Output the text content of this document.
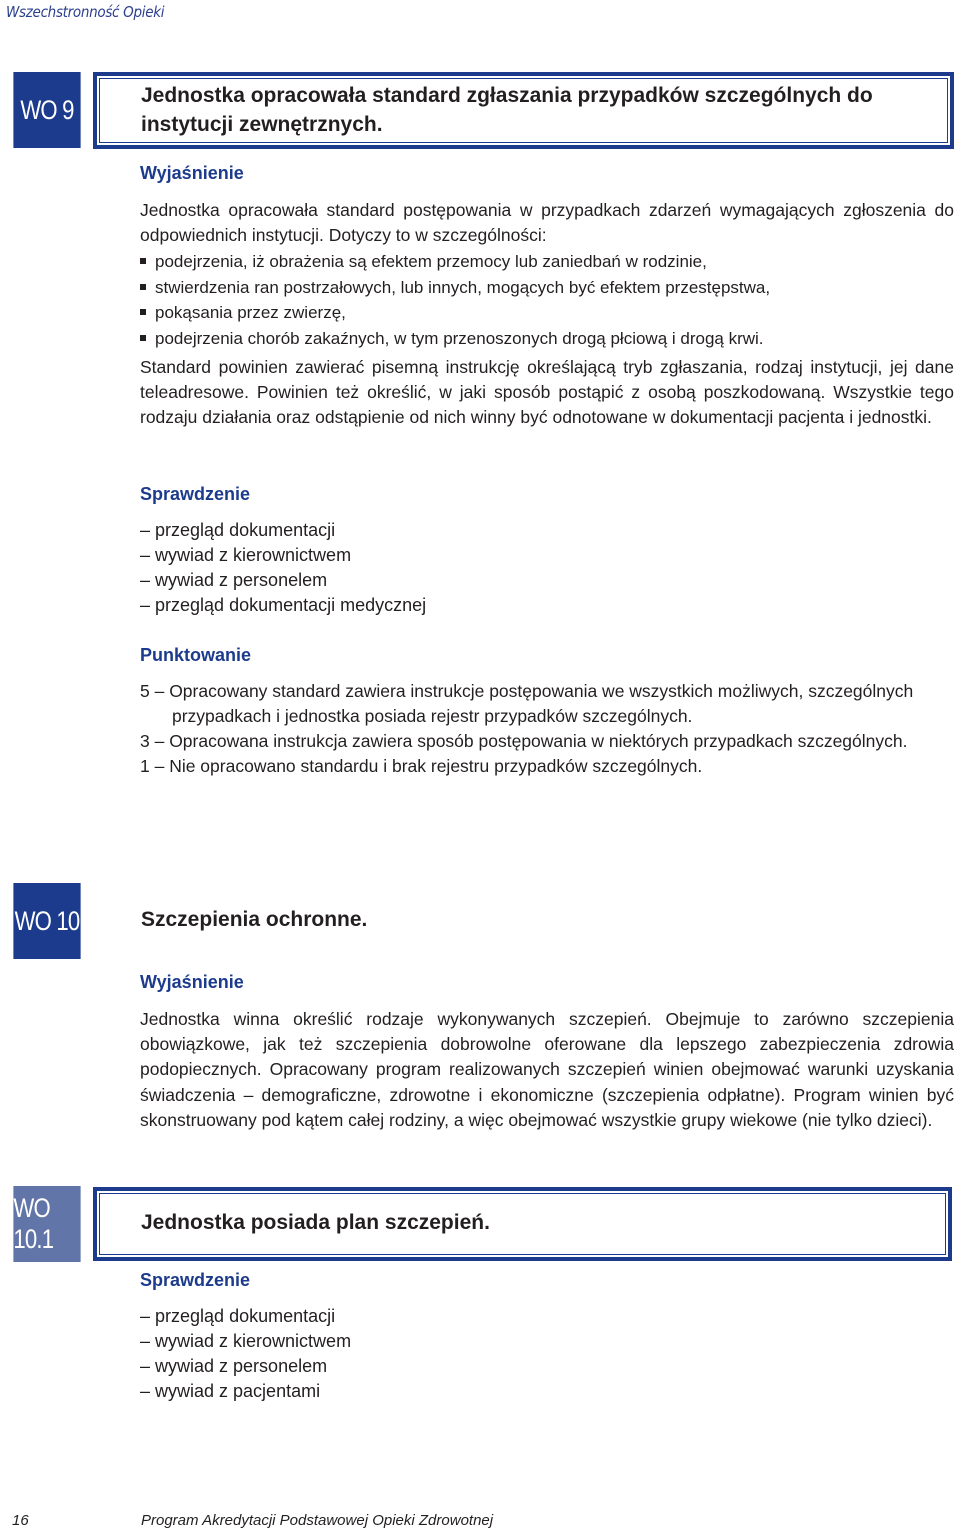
Wszechstronność Opieki
WO 9	Jednostka opracowała standard zgłaszania przypadków szczególnych do instytucji zewnętrznych.
Wyjaśnienie
Jednostka opracowała standard postępowania w przypadkach zdarzeń wymagających zgłoszenia do odpowiednich instytucji. Dotyczy to w szczególności:
podejrzenia, iż obrażenia są efektem przemocy lub zaniedbań w rodzinie,
stwierdzenia ran postrzałowych, lub innych, mogących być efektem przestępstwa,
pokąsania przez zwierzę,
podejrzenia chorób zakaźnych, w tym przenoszonych drogą płciową i drogą krwi.
Standard powinien zawierać pisemną instrukcję określającą tryb zgłaszania, rodzaj instytucji, jej dane teleadresowe. Powinien też określić, w jaki sposób postąpić z osobą poszkodowaną. Wszystkie tego rodzaju działania oraz odstąpienie od nich winny być odnotowane w dokumentacji pacjenta i jednostki.
Sprawdzenie
– przegląd dokumentacji
– wywiad z kierownictwem
– wywiad z personelem
– przegląd dokumentacji medycznej
Punktowanie
5 – Opracowany standard zawiera instrukcje postępowania we wszystkich możliwych, szczególnych przypadkach i jednostka posiada rejestr przypadków szczególnych.
3 – Opracowana instrukcja zawiera sposób postępowania w niektórych przypadkach szczególnych.
1 – Nie opracowano standardu i brak rejestru przypadków szczególnych.
WO 10	Szczepienia ochronne.
Wyjaśnienie
Jednostka winna określić rodzaje wykonywanych szczepień. Obejmuje to zarówno szczepienia obowiązkowe, jak też szczepienia dobrowolne oferowane dla lepszego zabezpieczenia zdrowia podopiecznych. Opracowany program realizowanych szczepień winien obejmować warunki uzyskania świadczenia – demograficzne, zdrowotne i ekonomiczne (szczepienia odpłatne). Program winien być skonstruowany pod kątem całej rodziny, a więc obejmować wszystkie grupy wiekowe (nie tylko dzieci).
WO 10.1
Jednostka posiada plan szczepień.
Sprawdzenie
– przegląd dokumentacji
– wywiad z kierownictwem
– wywiad z personelem
– wywiad z pacjentami
16	Program Akredytacji Podstawowej Opieki Zdrowotnej
